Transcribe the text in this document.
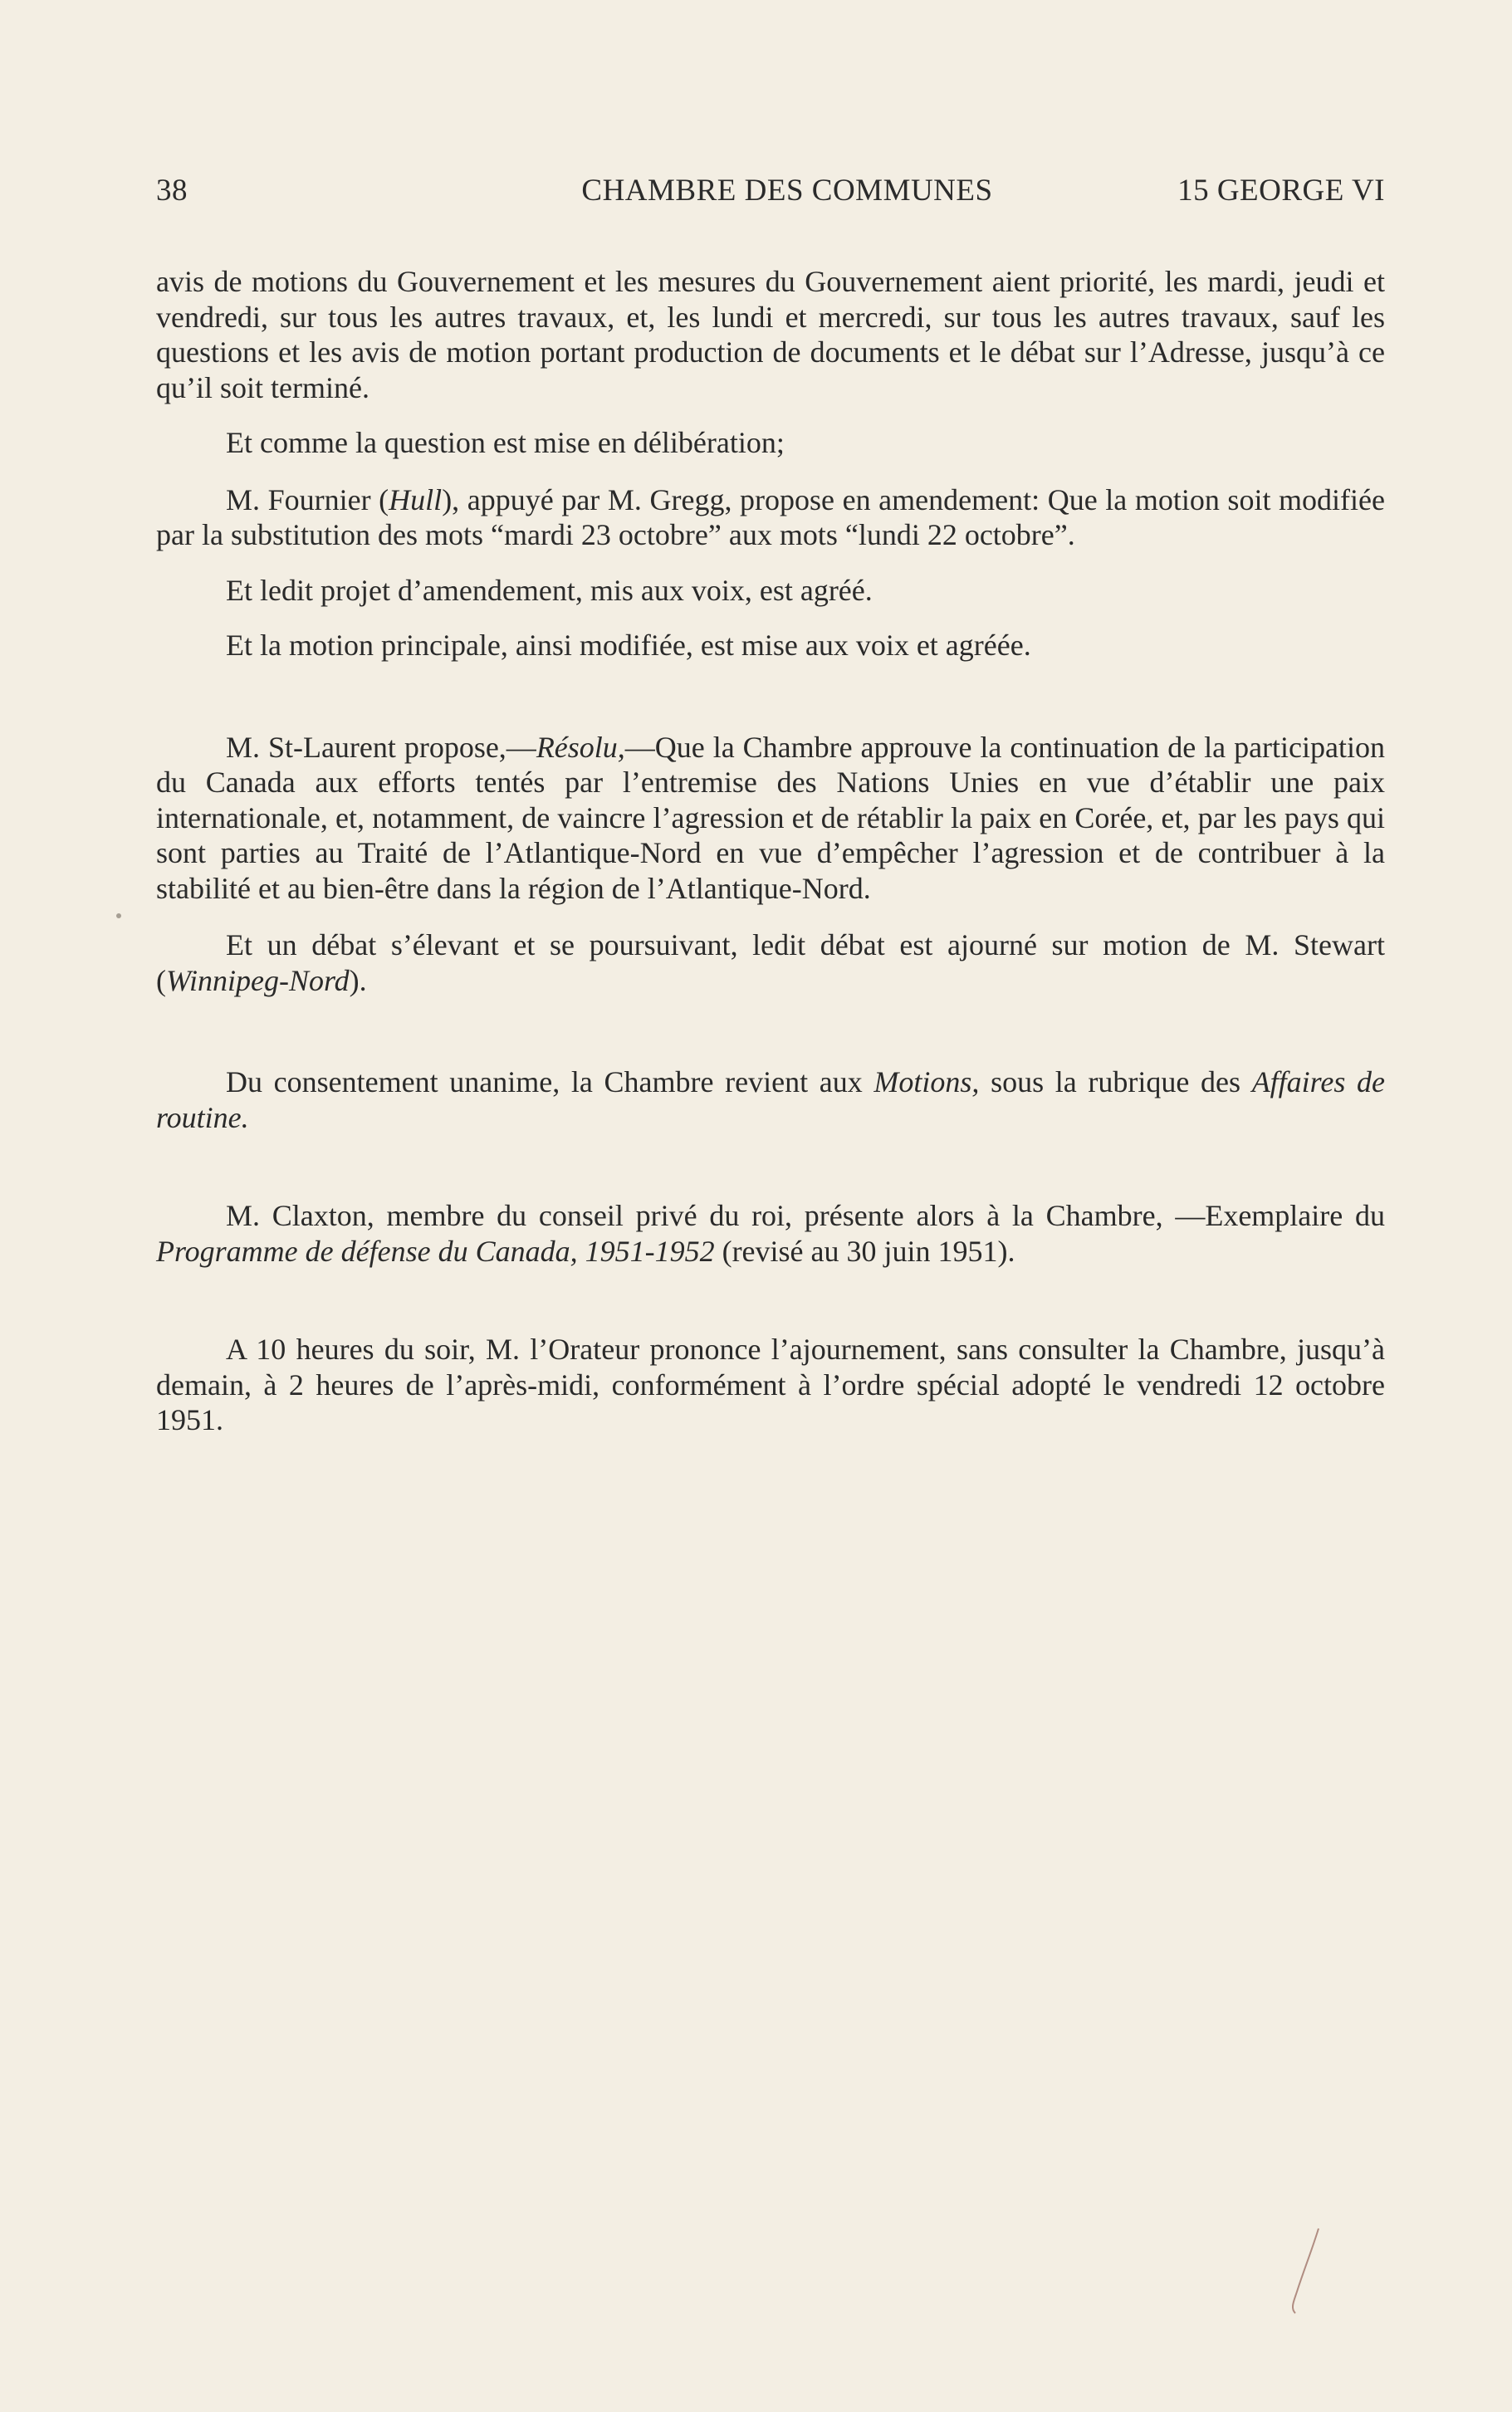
38	CHAMBRE DES COMMUNES	15 GEORGE VI

avis de motions du Gouvernement et les mesures du Gouvernement aient priorité, les mardi, jeudi et vendredi, sur tous les autres travaux, et, les lundi et mercredi, sur tous les autres travaux, sauf les questions et les avis de motion portant production de documents et le débat sur l’Adresse, jusqu’à ce qu’il soit terminé.

Et comme la question est mise en délibération;

M. Fournier (Hull), appuyé par M. Gregg, propose en amendement: Que la motion soit modifiée par la substitution des mots “mardi 23 octobre” aux mots “lundi 22 octobre”.

Et ledit projet d’amendement, mis aux voix, est agréé.

Et la motion principale, ainsi modifiée, est mise aux voix et agréée.

M. St-Laurent propose,—Résolu,—Que la Chambre approuve la continuation de la participation du Canada aux efforts tentés par l’entremise des Nations Unies en vue d’établir une paix internationale, et, notamment, de vaincre l’agression et de rétablir la paix en Corée, et, par les pays qui sont parties au Traité de l’Atlantique-Nord en vue d’empêcher l’agression et de contribuer à la stabilité et au bien-être dans la région de l’Atlantique-Nord.

Et un débat s’élevant et se poursuivant, ledit débat est ajourné sur motion de M. Stewart (Winnipeg-Nord).

Du consentement unanime, la Chambre revient aux Motions, sous la rubrique des Affaires de routine.

M. Claxton, membre du conseil privé du roi, présente alors à la Chambre, —Exemplaire du Programme de défense du Canada, 1951-1952 (revisé au 30 juin 1951).

A 10 heures du soir, M. l’Orateur prononce l’ajournement, sans consulter la Chambre, jusqu’à demain, à 2 heures de l’après-midi, conformément à l’ordre spécial adopté le vendredi 12 octobre 1951.
